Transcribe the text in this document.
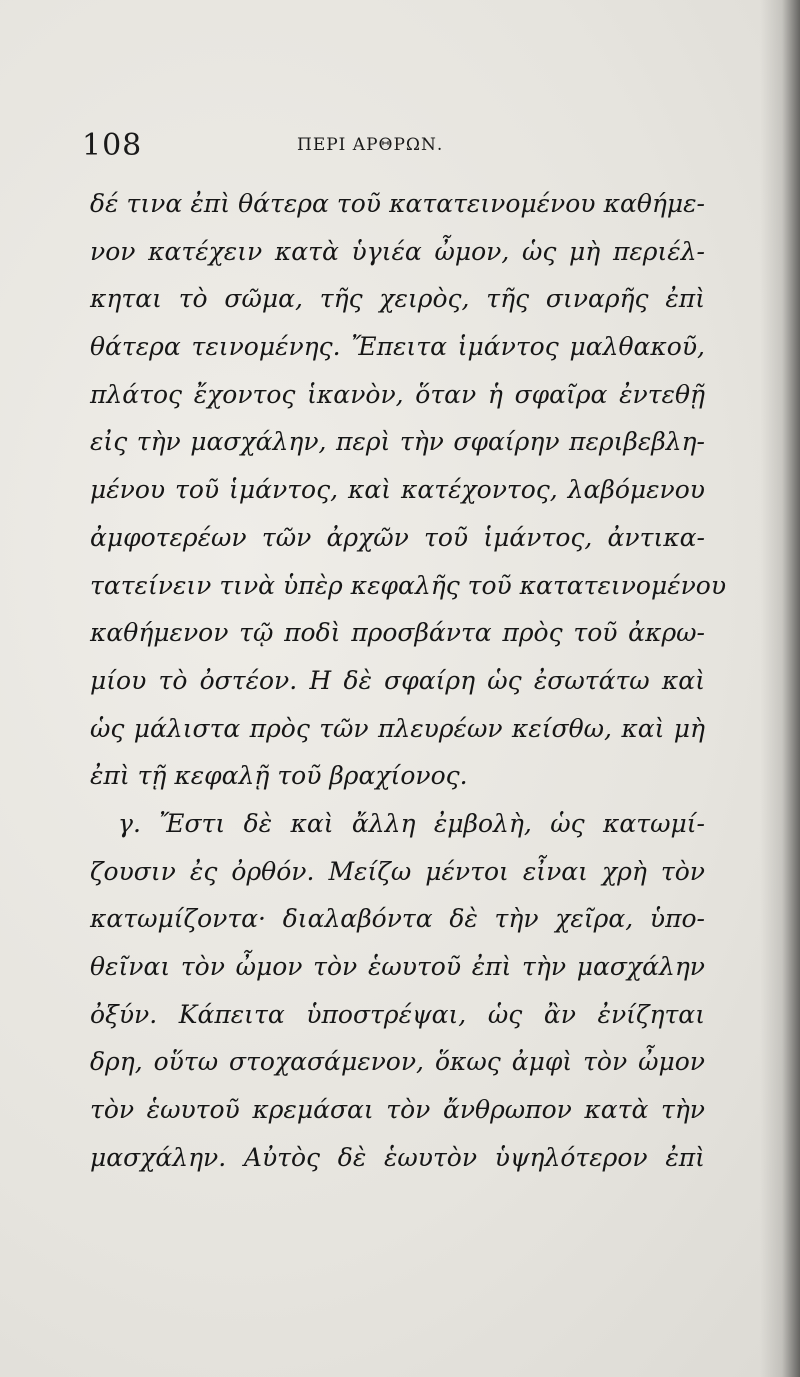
108	ΠΕΡΙ ΑΡΘΡΩΝ.
δέ τινα ἐπὶ θάτερα τοῦ κατατεινομένου καθήμε-
νον κατέχειν κατὰ ὑγιέα ὦμον, ὡς μὴ περιέλ-
κηται τὸ σῶμα, τῆς χειρὸς, τῆς σιναρῆς ἐπὶ
θάτερα τεινομένης. Ἔπειτα ἱμάντος μαλθακοῦ,
πλάτος ἔχοντος ἱκανὸν, ὅταν ἡ σφαῖρα ἐντεθῇ
εἰς τὴν μασχάλην, περὶ τὴν σφαίρην περιβεβλη-
μένου τοῦ ἱμάντος, καὶ κατέχοντος, λαβόμενου
ἀμφοτερέων τῶν ἀρχῶν τοῦ ἱμάντος, ἀντικα-
τατείνειν τινὰ ὑπὲρ κεφαλῆς τοῦ κατατεινομένου
καθήμενον τῷ ποδὶ προσβάντα πρὸς τοῦ ἀκρω-
μίου τὸ ὀστέον. Η δὲ σφαίρη ὡς ἐσωτάτω καὶ
ὡς μάλιστα πρὸς τῶν πλευρέων κείσθω, καὶ μὴ
ἐπὶ τῇ κεφαλῇ τοῦ βραχίονος.
γ. Ἔστι δὲ καὶ ἄλλη ἐμβολὴ, ὡς κατωμί-
ζουσιν ἐς ὀρθόν. Μείζω μέντοι εἶναι χρὴ τὸν
κατωμίζοντα· διαλαβόντα δὲ τὴν χεῖρα, ὑπο-
θεῖναι τὸν ὦμον τὸν ἑωυτοῦ ἐπὶ τὴν μασχάλην
ὀξύν. Κάπειτα ὑποστρέψαι, ὡς ἂν ἐνίζηται
δρη, οὕτω στοχασάμενον, ὅκως ἀμφὶ τὸν ὦμον
τὸν ἑωυτοῦ κρεμάσαι τὸν ἄνθρωπον κατὰ τὴν
μασχάλην. Αὐτὸς δὲ ἑωυτὸν ὑψηλότερον ἐπὶ
